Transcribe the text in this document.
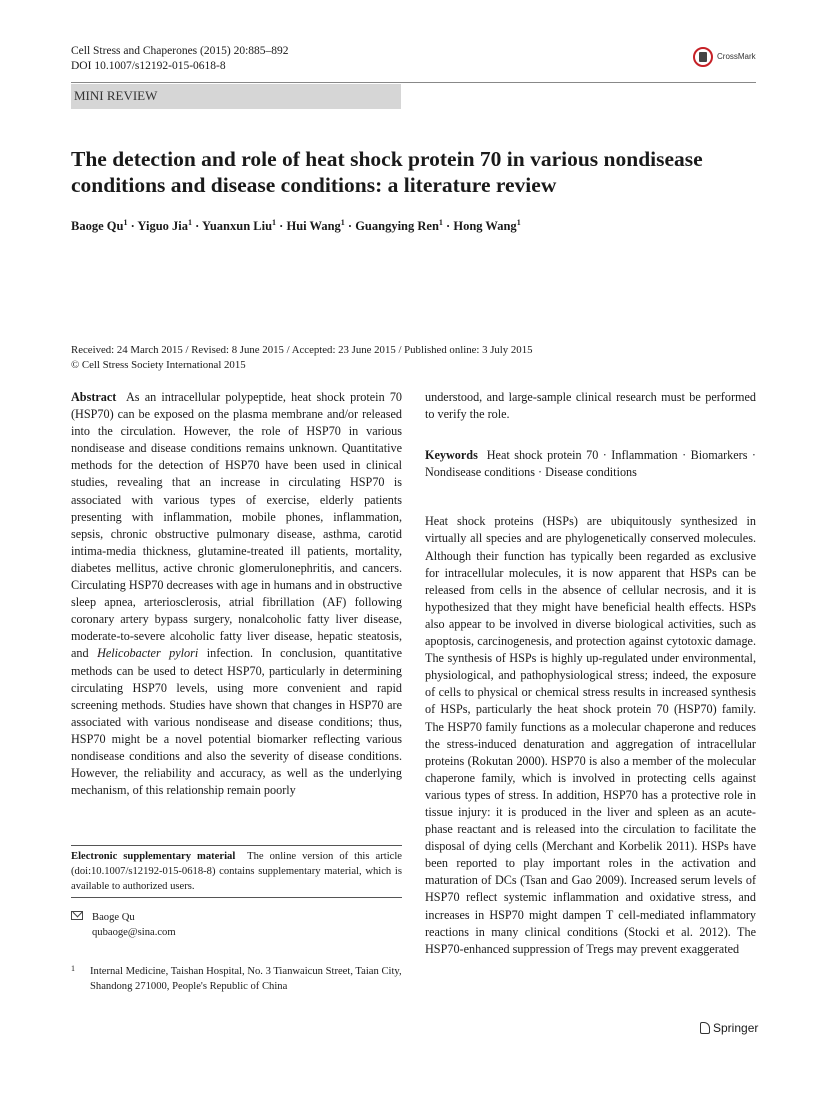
Cell Stress and Chaperones (2015) 20:885–892
DOI 10.1007/s12192-015-0618-8
CrossMark
MINI REVIEW
The detection and role of heat shock protein 70 in various nondisease conditions and disease conditions: a literature review
Baoge $Qu^1$ · Yiguo Jia$^1$ · Yuanxun Liu$^1$ · Hui Wang$^1$ · Guangying Ren$^1$ · Hong Wang$^1$
Received: 24 March 2015 / Revised: 8 June 2015 / Accepted: 23 June 2015 / Published online: 3 July 2015
© Cell Stress Society International 2015
Abstract As an intracellular polypeptide, heat shock protein 70 (HSP70) can be exposed on the plasma membrane and/or released into the circulation. However, the role of HSP70 in various nondisease and disease conditions remains unknown. Quantitative methods for the detection of HSP70 have been used in clinical studies, revealing that an increase in circulating HSP70 is associated with various types of exercise, elderly patients presenting with inflammation, mobile phones, inflammation, sepsis, chronic obstructive pulmonary disease, asthma, carotid intima-media thickness, glutamine-treated ill patients, mortality, diabetes mellitus, active chronic glomerulonephritis, and cancers. Circulating HSP70 decreases with age in humans and in obstructive sleep apnea, arteriosclerosis, atrial fibrillation (AF) following coronary artery bypass surgery, nonalcoholic fatty liver disease, moderate-to-severe alcoholic fatty liver disease, hepatic steatosis, and Helicobacter pylori infection. In conclusion, quantitative methods can be used to detect HSP70, particularly in determining circulating HSP70 levels, using more convenient and rapid screening methods. Studies have shown that changes in HSP70 are associated with various nondisease and disease conditions; thus, HSP70 might be a novel potential biomarker reflecting various nondisease conditions and also the severity of disease conditions. However, the reliability and accuracy, as well as the underlying mechanism, of this relationship remain poorly
understood, and large-sample clinical research must be performed to verify the role.
Keywords Heat shock protein 70 · Inflammation · Biomarkers · Nondisease conditions · Disease conditions
Heat shock proteins (HSPs) are ubiquitously synthesized in virtually all species and are phylogenetically conserved molecules. Although their function has typically been regarded as exclusive for intracellular molecules, it is now apparent that HSPs can be released from cells in the absence of cellular necrosis, and it is hypothesized that they might have beneficial health effects. HSPs also appear to be involved in diverse biological activities, such as apoptosis, carcinogenesis, and protection against cytotoxic damage. The synthesis of HSPs is highly up-regulated under environmental, physiological, and pathophysiological stress; indeed, the exposure of cells to physical or chemical stress results in increased synthesis of HSPs, particularly the heat shock protein 70 (HSP70) family. The HSP70 family functions as a molecular chaperone and reduces the stress-induced denaturation and aggregation of intracellular proteins (Rokutan 2000). HSP70 is also a member of the molecular chaperone family, which is involved in protecting cells against various types of stress. In addition, HSP70 has a protective role in tissue injury: it is produced in the liver and spleen as an acute-phase reactant and is released into the circulation to facilitate the disposal of dying cells (Merchant and Korbelik 2011). HSPs have been reported to play important roles in the activation and maturation of DCs (Tsan and Gao 2009). Increased serum levels of HSP70 reflect systemic inflammation and oxidative stress, and increases in HSP70 might dampen T cell-mediated inflammatory reactions in many clinical conditions (Stocki et al. 2012). The HSP70-enhanced suppression of Tregs may prevent exaggerated
Electronic supplementary material The online version of this article (doi:10.1007/s12192-015-0618-8) contains supplementary material, which is available to authorized users.
Baoge Qu
qubaoge@sina.com
1 Internal Medicine, Taishan Hospital, No. 3 Tianwaicun Street, Taian City, Shandong 271000, People's Republic of China
Springer
